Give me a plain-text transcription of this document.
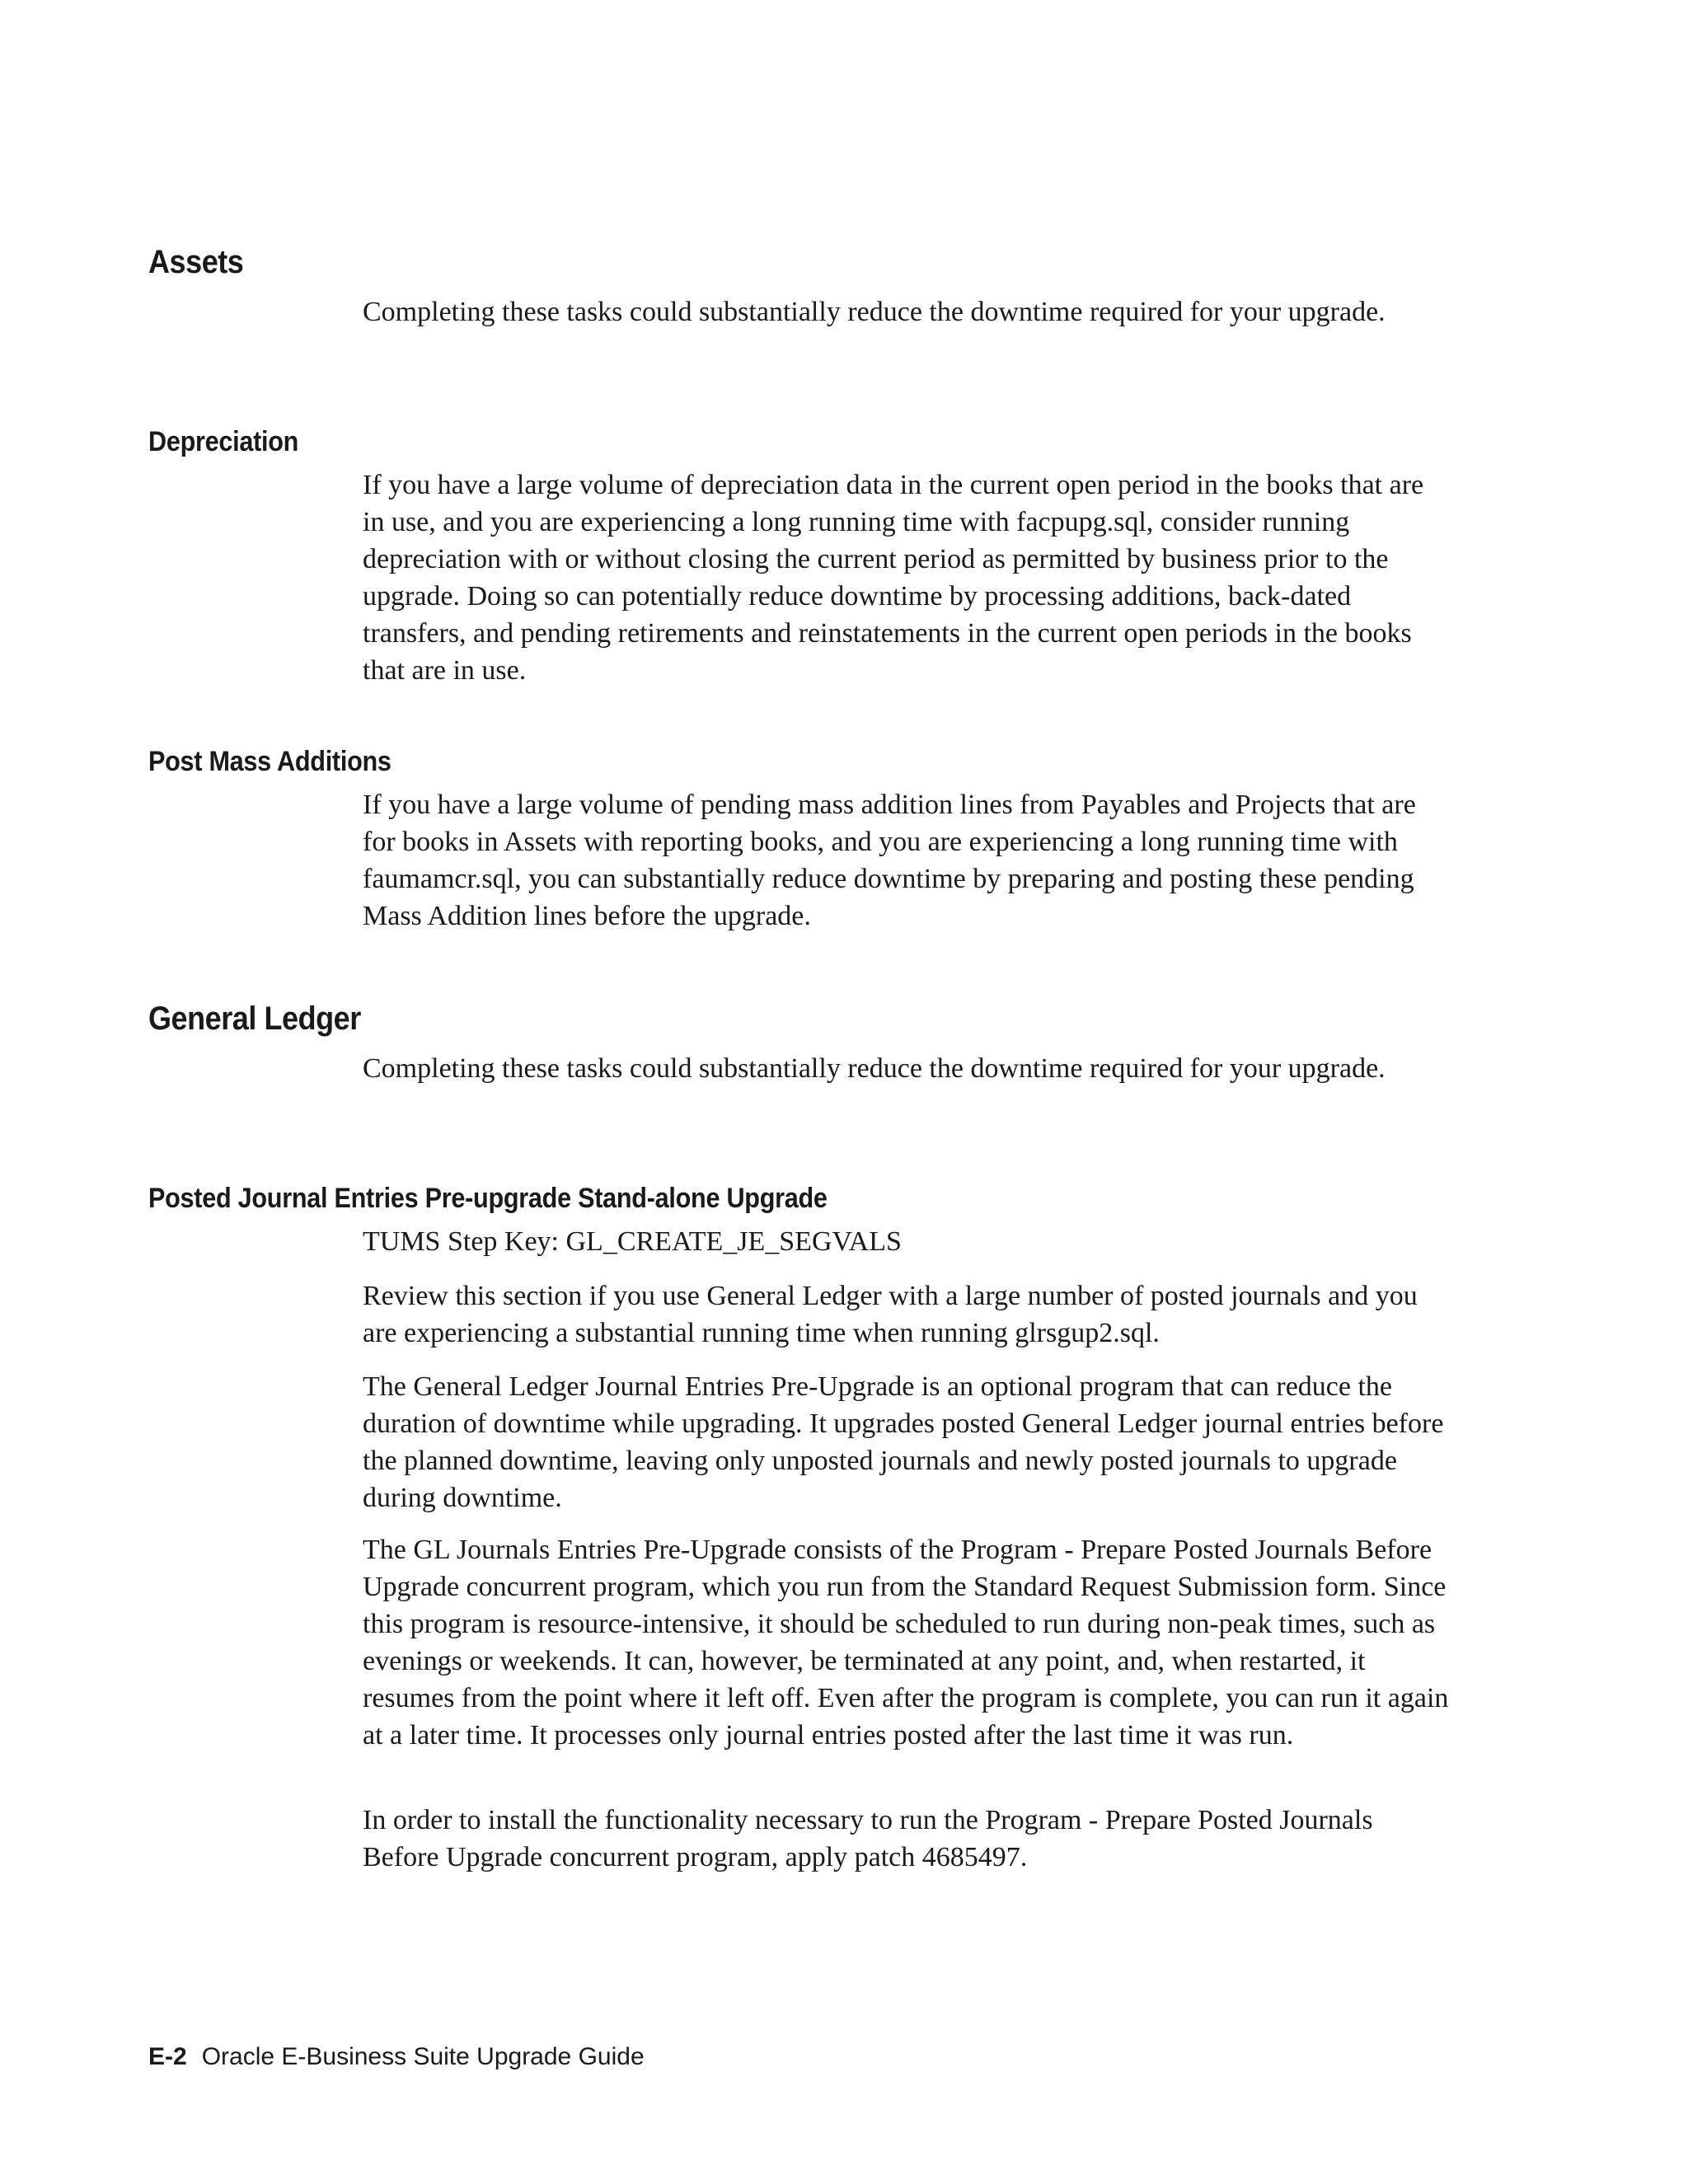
Assets

Completing these tasks could substantially reduce the downtime required for your upgrade.

Depreciation

If you have a large volume of depreciation data in the current open period in the books that are in use, and you are experiencing a long running time with facpupg.sql, consider running depreciation with or without closing the current period as permitted by business prior to the upgrade. Doing so can potentially reduce downtime by processing additions, back-dated transfers, and pending retirements and reinstatements in the current open periods in the books that are in use.

Post Mass Additions

If you have a large volume of pending mass addition lines from Payables and Projects that are for books in Assets with reporting books, and you are experiencing a long running time with faumamcr.sql, you can substantially reduce downtime by preparing and posting these pending Mass Addition lines before the upgrade.

General Ledger

Completing these tasks could substantially reduce the downtime required for your upgrade.

Posted Journal Entries Pre-upgrade Stand-alone Upgrade

TUMS Step Key: GL_CREATE_JE_SEGVALS

Review this section if you use General Ledger with a large number of posted journals and you are experiencing a substantial running time when running glrsgup2.sql.

The General Ledger Journal Entries Pre-Upgrade is an optional program that can reduce the duration of downtime while upgrading. It upgrades posted General Ledger journal entries before the planned downtime, leaving only unposted journals and newly posted journals to upgrade during downtime.

The GL Journals Entries Pre-Upgrade consists of the Program - Prepare Posted Journals Before Upgrade concurrent program, which you run from the Standard Request Submission form. Since this program is resource-intensive, it should be scheduled to run during non-peak times, such as evenings or weekends. It can, however, be terminated at any point, and, when restarted, it resumes from the point where it left off. Even after the program is complete, you can run it again at a later time. It processes only journal entries posted after the last time it was run.

In order to install the functionality necessary to run the Program - Prepare Posted Journals Before Upgrade concurrent program, apply patch 4685497.

E-2 Oracle E-Business Suite Upgrade Guide
